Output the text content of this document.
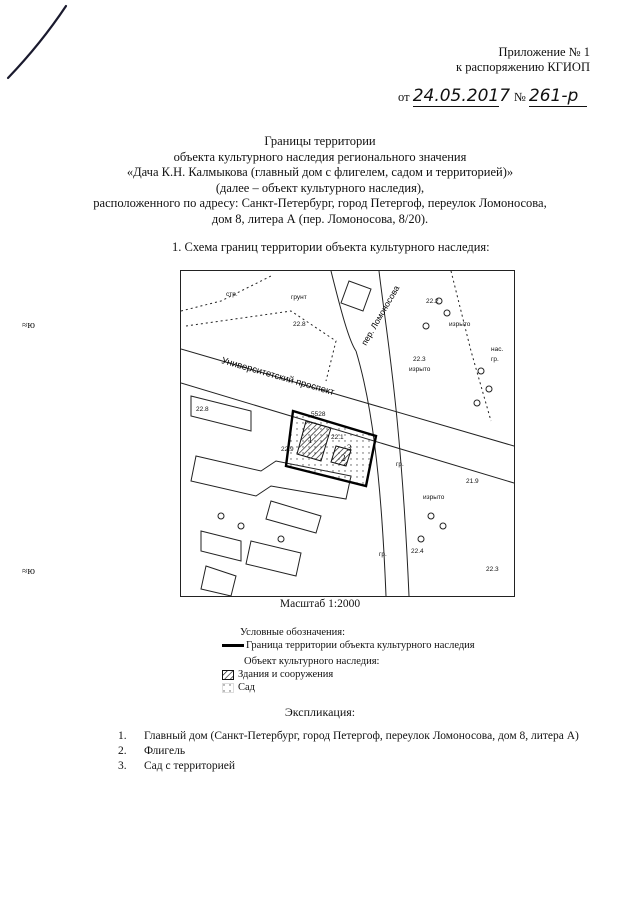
Приложение № 1
к распоряжению КГИОП
от 24.05.2017 № 261-р
Границы территории
объекта культурного наследия регионального значения
«Дача К.Н. Калмыкова (главный дом с флигелем, садом и территорией)»
(далее – объект культурного наследия),
расположенного по адресу: Санкт-Петербург, город Петергоф, переулок Ломоносова,
дом 8, литера А (пер. Ломоносова, 8/20).
1. Схема границ территории объекта культурного наследия:
≈ю
≈ю
Университетский проспект
пер. Ломоносова
грунт
стр.
изрыто
изрыто
изрыто
нас.
гр.
гр.
гр.
22.2
22.3
22.1
21.9
22.4
22.9
22.8
22.8
22.3
5528
1
2
3
Масштаб 1:2000
Условные обозначения:
Граница территории объекта культурного наследия
Объект культурного наследия:
Здания и сооружения
Сад
Экспликация:
1. Главный дом (Санкт-Петербург, город Петергоф, переулок Ломоносова, дом 8, литера А)
2. Флигель
3. Сад с территорией
